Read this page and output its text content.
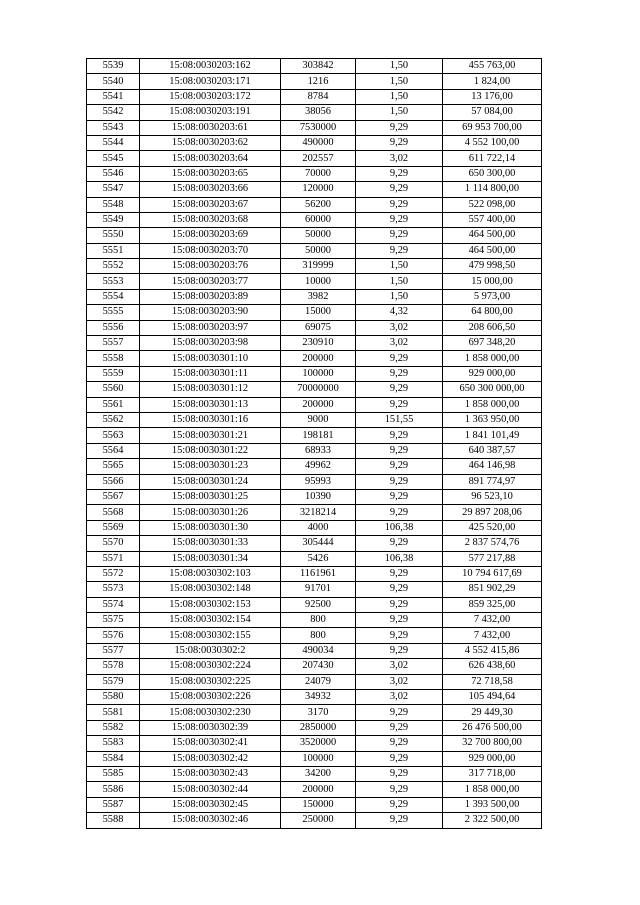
5539	15:08:0030203:162	303842	1,50	455 763,00
5540	15:08:0030203:171	1216	1,50	1 824,00
5541	15:08:0030203:172	8784	1,50	13 176,00
5542	15:08:0030203:191	38056	1,50	57 084,00
5543	15:08:0030203:61	7530000	9,29	69 953 700,00
5544	15:08:0030203:62	490000	9,29	4 552 100,00
5545	15:08:0030203:64	202557	3,02	611 722,14
5546	15:08:0030203:65	70000	9,29	650 300,00
5547	15:08:0030203:66	120000	9,29	1 114 800,00
5548	15:08:0030203:67	56200	9,29	522 098,00
5549	15:08:0030203:68	60000	9,29	557 400,00
5550	15:08:0030203:69	50000	9,29	464 500,00
5551	15:08:0030203:70	50000	9,29	464 500,00
5552	15:08:0030203:76	319999	1,50	479 998,50
5553	15:08:0030203:77	10000	1,50	15 000,00
5554	15:08:0030203:89	3982	1,50	5 973,00
5555	15:08:0030203:90	15000	4,32	64 800,00
5556	15:08:0030203:97	69075	3,02	208 606,50
5557	15:08:0030203:98	230910	3,02	697 348,20
5558	15:08:0030301:10	200000	9,29	1 858 000,00
5559	15:08:0030301:11	100000	9,29	929 000,00
5560	15:08:0030301:12	70000000	9,29	650 300 000,00
5561	15:08:0030301:13	200000	9,29	1 858 000,00
5562	15:08:0030301:16	9000	151,55	1 363 950,00
5563	15:08:0030301:21	198181	9,29	1 841 101,49
5564	15:08:0030301:22	68933	9,29	640 387,57
5565	15:08:0030301:23	49962	9,29	464 146,98
5566	15:08:0030301:24	95993	9,29	891 774,97
5567	15:08:0030301:25	10390	9,29	96 523,10
5568	15:08:0030301:26	3218214	9,29	29 897 208,06
5569	15:08:0030301:30	4000	106,38	425 520,00
5570	15:08:0030301:33	305444	9,29	2 837 574,76
5571	15:08:0030301:34	5426	106,38	577 217,88
5572	15:08:0030302:103	1161961	9,29	10 794 617,69
5573	15:08:0030302:148	91701	9,29	851 902,29
5574	15:08:0030302:153	92500	9,29	859 325,00
5575	15:08:0030302:154	800	9,29	7 432,00
5576	15:08:0030302:155	800	9,29	7 432,00
5577	15:08:0030302:2	490034	9,29	4 552 415,86
5578	15:08:0030302:224	207430	3,02	626 438,60
5579	15:08:0030302:225	24079	3,02	72 718,58
5580	15:08:0030302:226	34932	3,02	105 494,64
5581	15:08:0030302:230	3170	9,29	29 449,30
5582	15:08:0030302:39	2850000	9,29	26 476 500,00
5583	15:08:0030302:41	3520000	9,29	32 700 800,00
5584	15:08:0030302:42	100000	9,29	929 000,00
5585	15:08:0030302:43	34200	9,29	317 718,00
5586	15:08:0030302:44	200000	9,29	1 858 000,00
5587	15:08:0030302:45	150000	9,29	1 393 500,00
5588	15:08:0030302:46	250000	9,29	2 322 500,00
